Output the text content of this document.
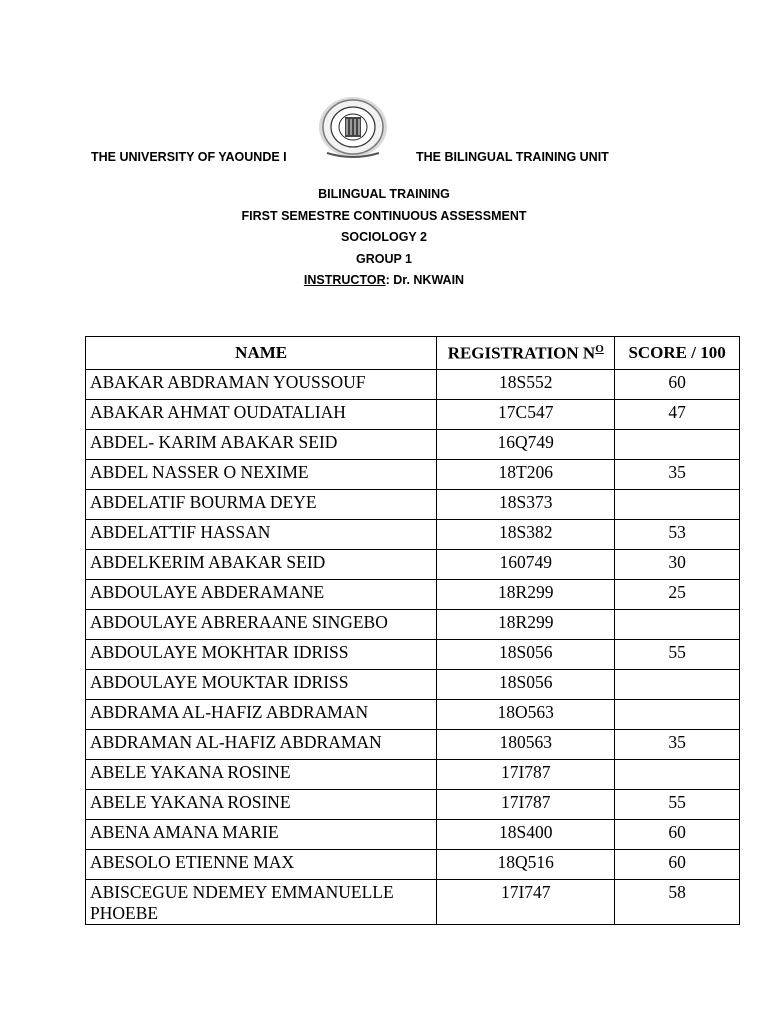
THE UNIVERSITY OF YAOUNDE I	THE BILINGUAL TRAINING UNIT
BILINGUAL TRAINING
FIRST SEMESTRE CONTINUOUS ASSESSMENT
SOCIOLOGY 2
GROUP 1
INSTRUCTOR: Dr. NKWAIN
NAME	REGISTRATION $N^O$	SCORE / 100
ABAKAR ABDRAMAN YOUSSOUF	18S552	60
ABAKAR AHMAT OUDATALIAH	17C547	47
ABDEL- KARIM ABAKAR SEID	16Q749	
ABDEL NASSER O NEXIME	18T206	35
ABDELATIF BOURMA DEYE	18S373	
ABDELATTIF HASSAN	18S382	53
ABDELKERIM ABAKAR SEID	160749	30
ABDOULAYE ABDERAMANE	18R299	25
ABDOULAYE ABRERAANE SINGEBO	18R299	
ABDOULAYE MOKHTAR IDRISS	18S056	55
ABDOULAYE MOUKTAR IDRISS	18S056	
ABDRAMA AL-HAFIZ ABDRAMAN	18O563	
ABDRAMAN AL-HAFIZ ABDRAMAN	180563	35
ABELE YAKANA ROSINE	17I787	
ABELE YAKANA ROSINE	17I787	55
ABENA AMANA MARIE	18S400	60
ABESOLO ETIENNE MAX	18Q516	60
ABISCEGUE NDEMEY EMMANUELLE PHOEBE	17I747	58
